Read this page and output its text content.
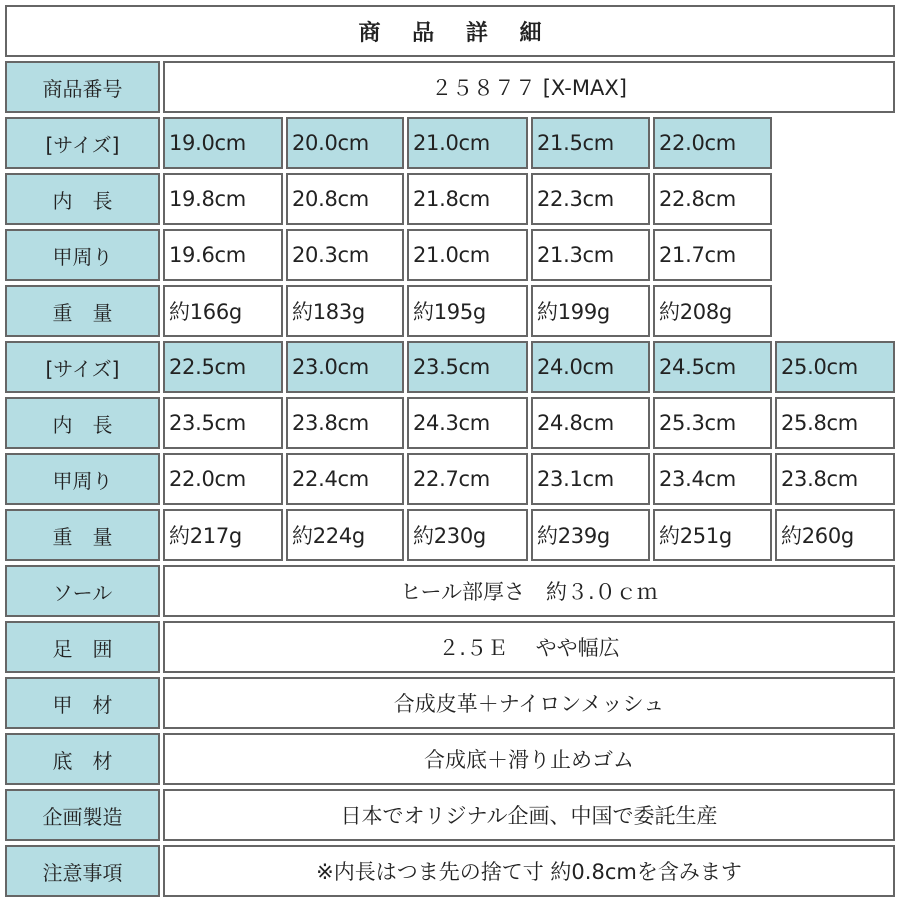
商 品 詳 細
商品番号	２５８７７ [X-MAX]
[サイズ]	19.0cm	20.0cm	21.0cm	21.5cm	22.0cm
内　長	19.8cm	20.8cm	21.8cm	22.3cm	22.8cm
甲周り	19.6cm	20.3cm	21.0cm	21.3cm	21.7cm
重　量	約166g	約183g	約195g	約199g	約208g
[サイズ]	22.5cm	23.0cm	23.5cm	24.0cm	24.5cm	25.0cm
内　長	23.5cm	23.8cm	24.3cm	24.8cm	25.3cm	25.8cm
甲周り	22.0cm	22.4cm	22.7cm	23.1cm	23.4cm	23.8cm
重　量	約217g	約224g	約230g	約239g	約251g	約260g
ソール	ヒール部厚さ　約３.０ｃｍ
足　囲	２.５Ｅ　 やや幅広
甲　材	合成皮革＋ナイロンメッシュ
底　材	合成底＋滑り止めゴム
企画製造	日本でオリジナル企画、中国で委託生産
注意事項	※内長はつま先の捨て寸 約0.8cmを含みます
